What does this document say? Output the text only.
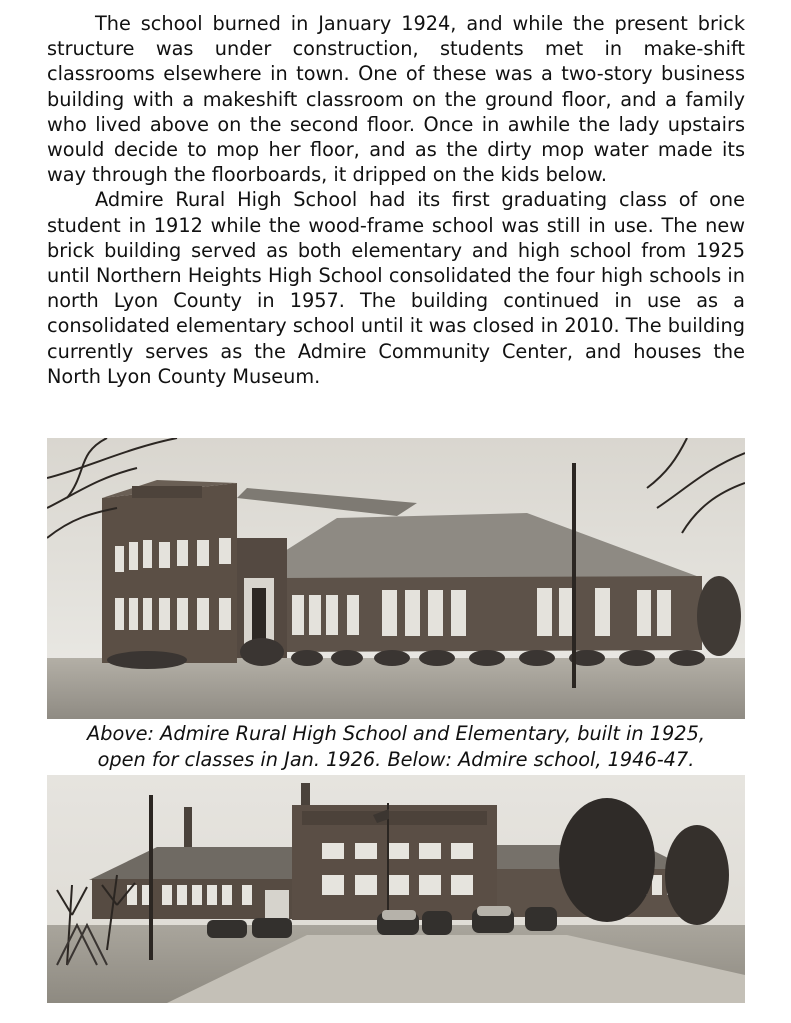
The school burned in January 1924, and while the present brick structure was under construction, students met in make-shift classrooms elsewhere in town. One of these was a two-story business building with a makeshift classroom on the ground floor, and a family who lived above on the second floor. Once in awhile the lady upstairs would decide to mop her floor, and as the dirty mop water made its way through the floorboards, it dripped on the kids below.

Admire Rural High School had its first graduating class of one student in 1912 while the wood-frame school was still in use. The new brick building served as both elementary and high school from 1925 until Northern Heights High School consolidated the four high schools in north Lyon County in 1957. The building continued in use as a consolidated elementary school until it was closed in 2010. The building currently serves as the Admire Community Center, and houses the North Lyon County Museum.

Above: Admire Rural High School and Elementary, built in 1925,
open for classes in Jan. 1926. Below: Admire school, 1946-47.
